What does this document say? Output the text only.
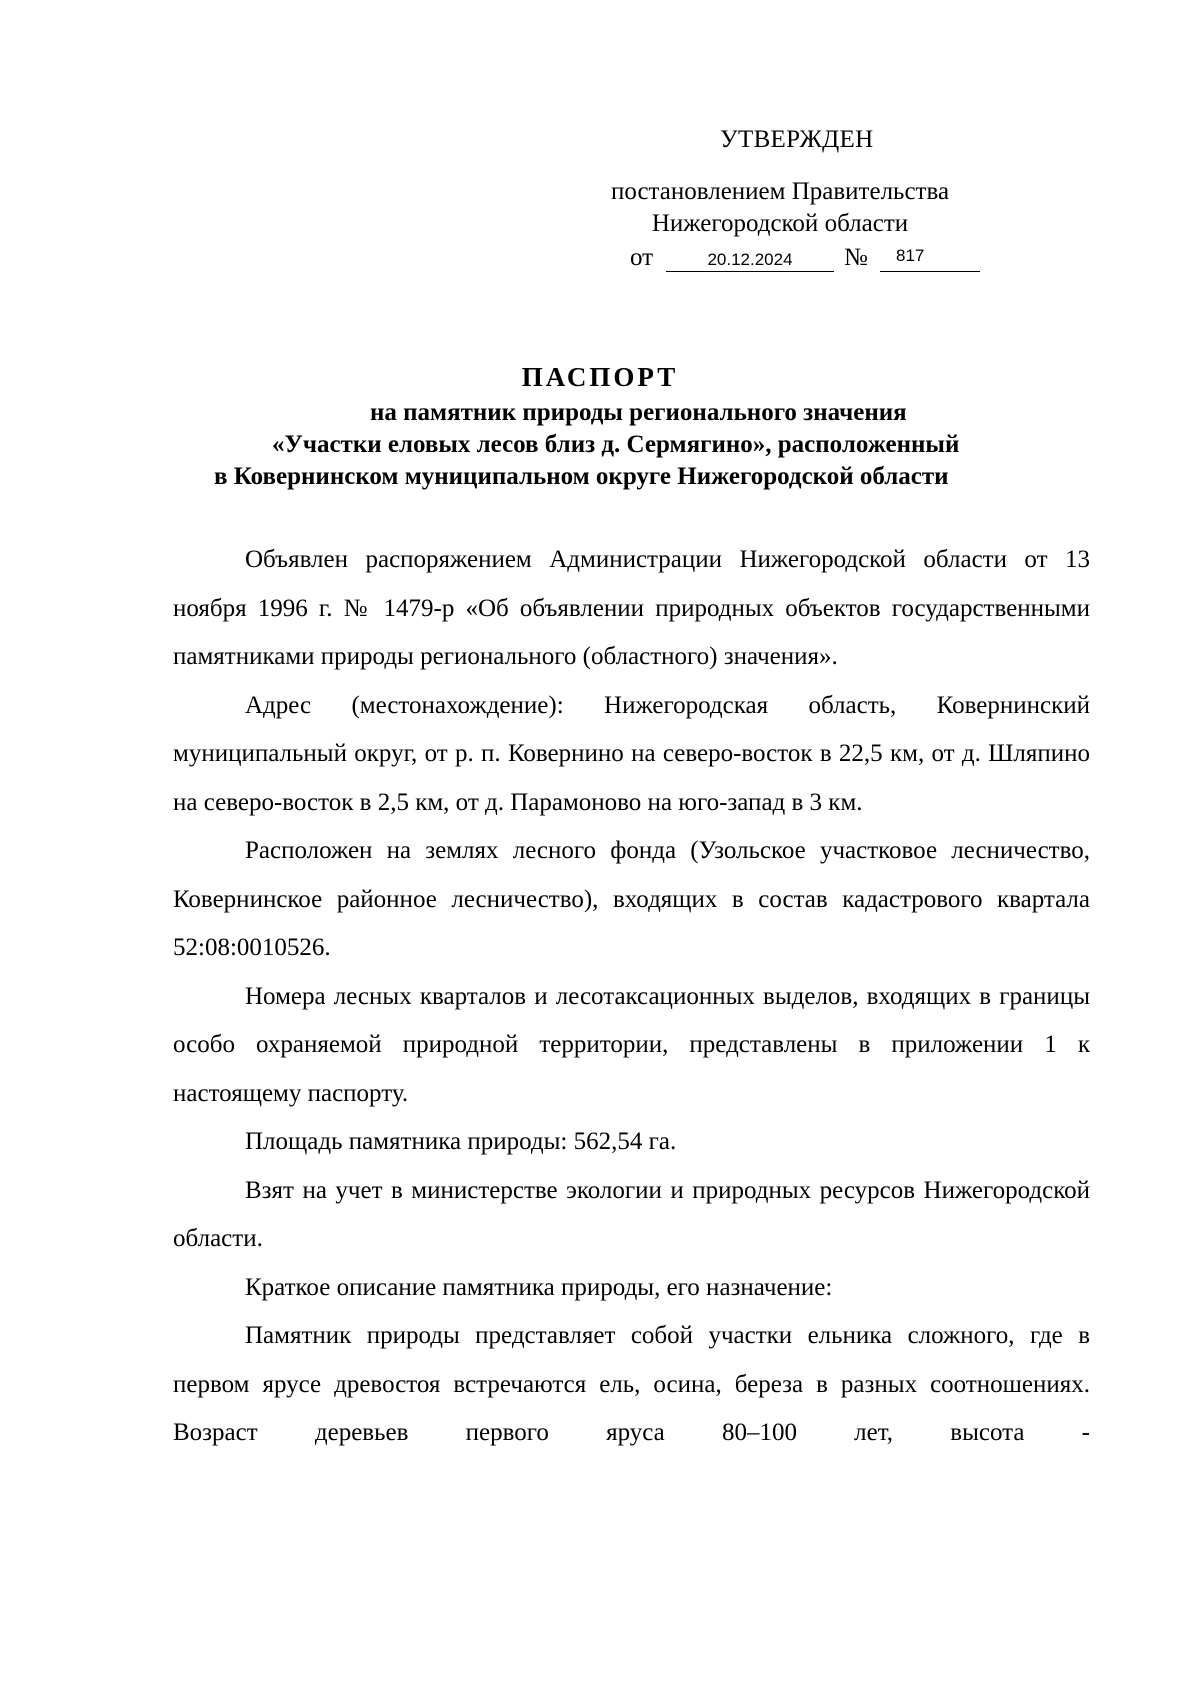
УТВЕРЖДЕН
постановлением Правительства
Нижегородской области
от	20.12.2024	№ 817
ПАСПОРТ
на памятник природы регионального значения
«Участки еловых лесов близ д. Сермягино», расположенный
в Ковернинском муниципальном округе Нижегородской области

Объявлен распоряжением Администрации Нижегородской области от 13 ноября 1996 г. № 1479-р «Об объявлении природных объектов государственными памятниками природы регионального (областного) значения».

Адрес (местонахождение): Нижегородская область, Ковернинский муниципальный округ, от р. п. Ковернино на северо-восток в 22,5 км, от д. Шляпино на северо-восток в 2,5 км, от д. Парамоново на юго-запад в 3 км.

Расположен на землях лесного фонда (Узольское участковое лесничество, Ковернинское районное лесничество), входящих в состав кадастрового квартала 52:08:0010526.

Номера лесных кварталов и лесотаксационных выделов, входящих в границы особо охраняемой природной территории, представлены в приложении 1 к настоящему паспорту.

Площадь памятника природы: 562,54 га.

Взят на учет в министерстве экологии и природных ресурсов Нижегородской области.

Краткое описание памятника природы, его назначение:

Памятник природы представляет собой участки ельника сложного, где в первом ярусе древостоя встречаются ель, осина, береза в разных соотношениях. Возраст деревьев первого яруса 80–100 лет, высота -
